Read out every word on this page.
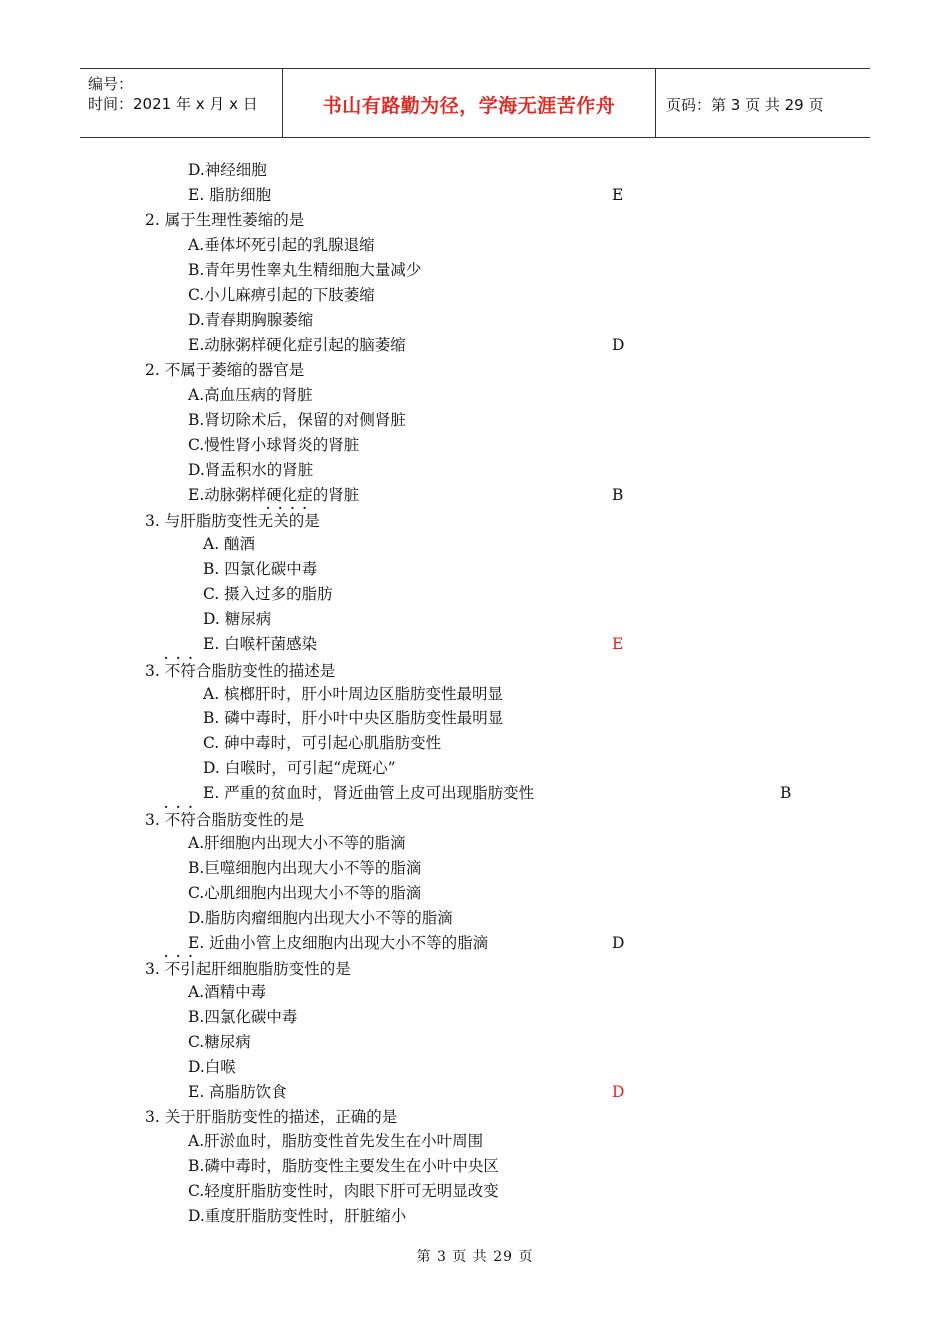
编号：
时间：2021 年 x 月 x 日	书山有路勤为径，学海无涯苦作舟	页码：第 3 页 共 29 页
D.神经细胞
E. 脂肪细胞	E
2. 属于生理性萎缩的是
A.垂体坏死引起的乳腺退缩
B.青年男性睾丸生精细胞大量减少
C.小儿麻痹引起的下肢萎缩
D.青春期胸腺萎缩
E.动脉粥样硬化症引起的脑萎缩	D
2. 不属于萎缩的器官是
A.高血压病的肾脏
B.肾切除术后，保留的对侧肾脏
C.慢性肾小球肾炎的肾脏
D.肾盂积水的肾脏
E.动脉粥样硬化症的肾脏	B
····
3. 与肝脂肪变性无关的是
A. 酗酒
B. 四氯化碳中毒
C. 摄入过多的脂肪
D. 糖尿病
E. 白喉杆菌感染	E
···
3. 不符合脂肪变性的描述是
A. 槟榔肝时，肝小叶周边区脂肪变性最明显
B. 磷中毒时，肝小叶中央区脂肪变性最明显
C. 砷中毒时，可引起心肌脂肪变性
D. 白喉时，可引起“虎斑心”
E. 严重的贫血时，肾近曲管上皮可出现脂肪变性	B
···
3. 不符合脂肪变性的是
A.肝细胞内出现大小不等的脂滴
B.巨噬细胞内出现大小不等的脂滴
C.心肌细胞内出现大小不等的脂滴
D.脂肪肉瘤细胞内出现大小不等的脂滴
E. 近曲小管上皮细胞内出现大小不等的脂滴	D
···
3. 不引起肝细胞脂肪变性的是
A.酒精中毒
B.四氯化碳中毒
C.糖尿病
D.白喉
E. 高脂肪饮食	D
3. 关于肝脂肪变性的描述，正确的是
A.肝淤血时，脂肪变性首先发生在小叶周围
B.磷中毒时，脂肪变性主要发生在小叶中央区
C.轻度肝脂肪变性时，肉眼下肝可无明显改变
D.重度肝脂肪变性时，肝脏缩小
第 3 页 共 29 页
